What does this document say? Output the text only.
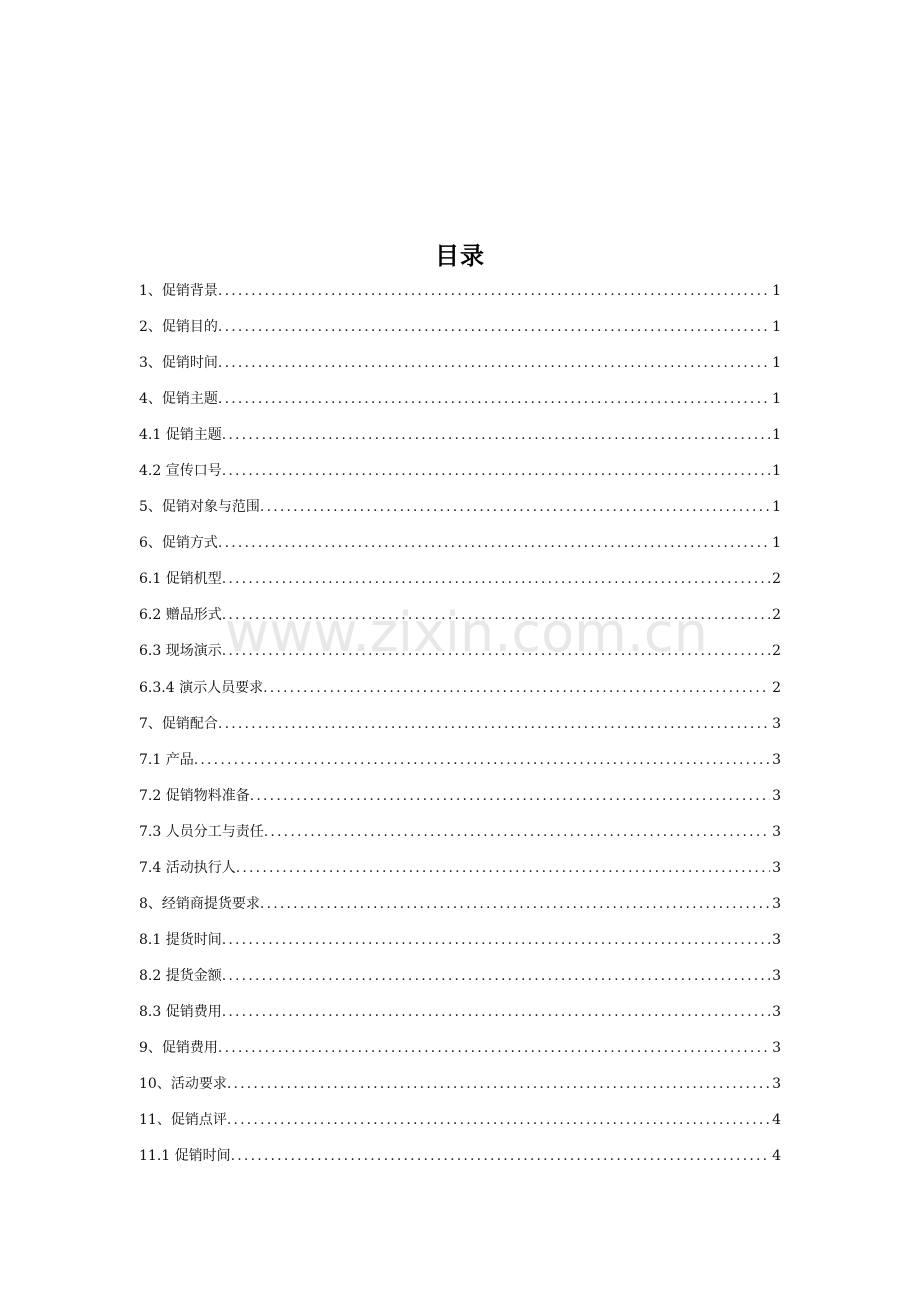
目录
1、促销背景 .....	1
2、促销目的 .....	1
3、促销时间 .....	1
4、促销主题 .....	1
4.1 促销主题 .....	1
4.2 宣传口号 .....	1
5、促销对象与范围 .....	1
6、促销方式 .....	1
6.1 促销机型 .....	2
6.2 赠品形式 .....	2
6.3 现场演示 .....	2
6.3.4 演示人员要求 .....	2
7、促销配合 .....	3
7.1 产品 .....	3
7.2 促销物料准备 .....	3
7.3 人员分工与责任 .....	3
7.4 活动执行人 .....	3
8、经销商提货要求 .....	3
8.1 提货时间 .....	3
8.2 提货金额 .....	3
8.3 促销费用 .....	3
9、促销费用 .....	3
10、活动要求 .....	3
11、促销点评 .....	4
11.1 促销时间 .....	4
www.zixin.com.cn
